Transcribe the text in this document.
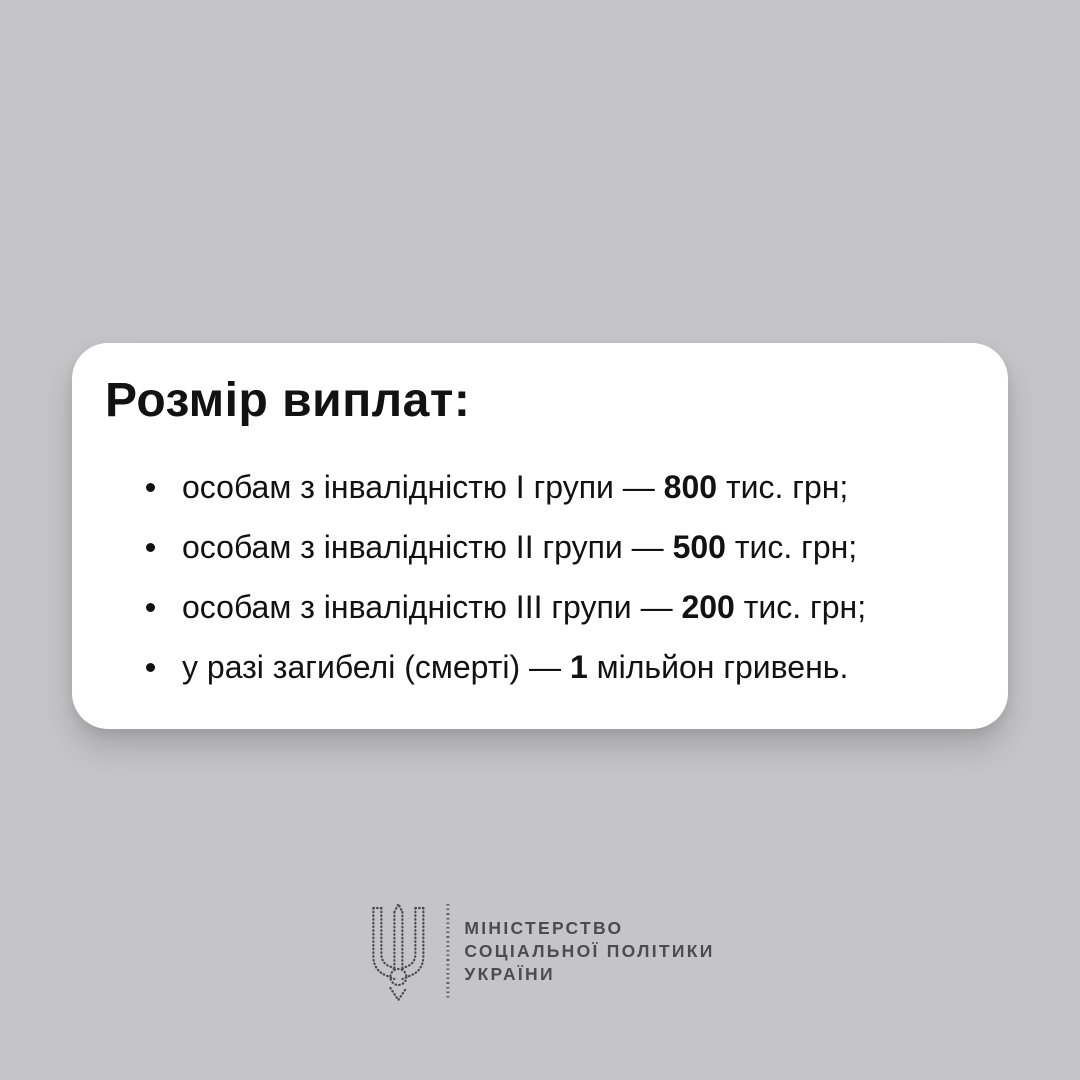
Розмір виплат:
особам з інвалідністю І групи — 800 тис. грн;
особам з інвалідністю ІІ групи — 500 тис. грн;
особам з інвалідністю ІІІ групи — 200 тис. грн;
у разі загибелі (смерті) — 1 мільйон гривень.
МІНІСТЕРСТВО
СОЦІАЛЬНОЇ ПОЛІТИКИ
УКРАЇНИ
